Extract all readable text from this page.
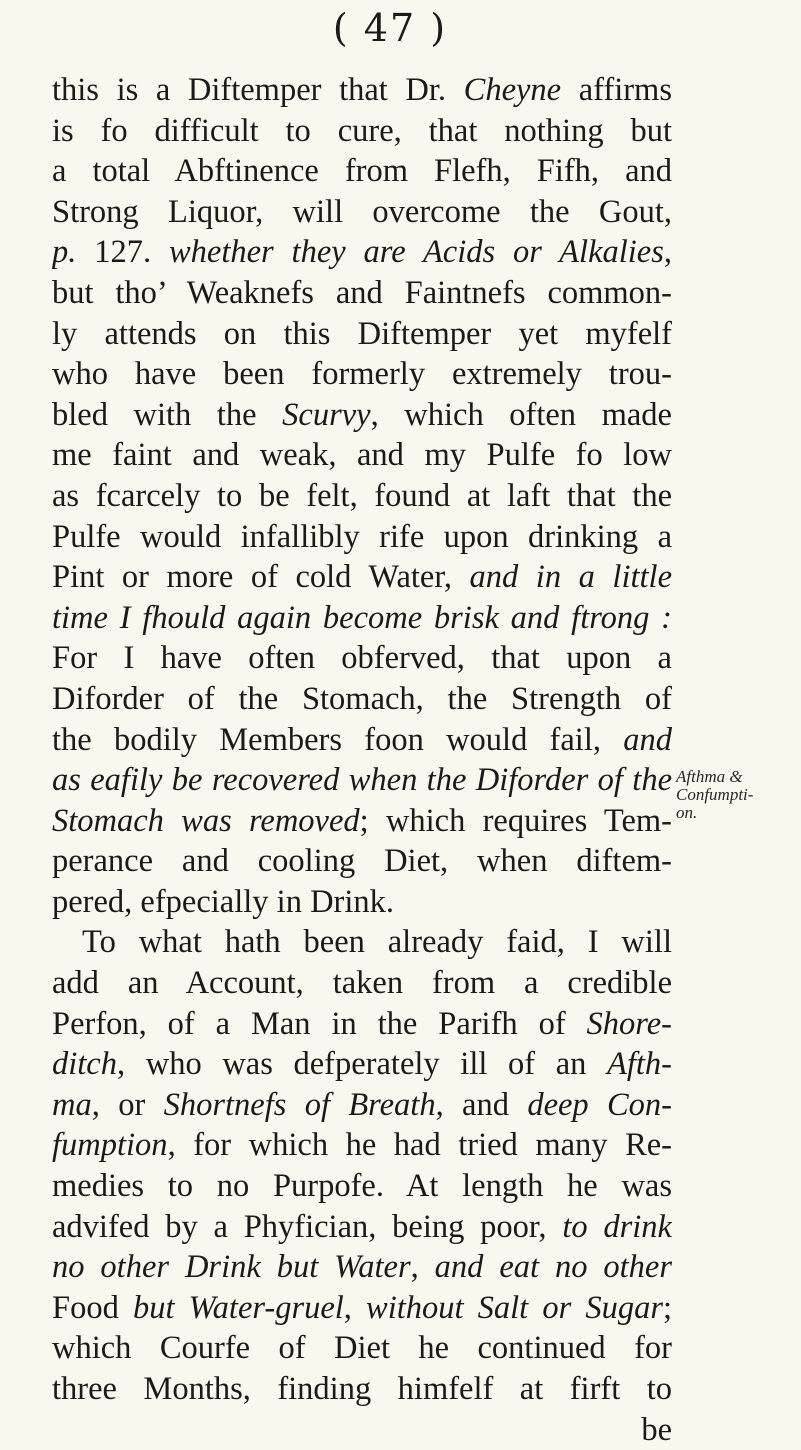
( 47 )
this is a Diftemper that Dr. Cheyne affirms
is fo difficult to cure, that nothing but
a total Abftinence from Flefh, Fifh, and
Strong Liquor, will overcome the Gout,
p. 127. whether they are Acids or Alkalies,
but tho’ Weaknefs and Faintnefs common-
ly attends on this Diftemper yet myfelf
who have been formerly extremely trou-
bled with the Scurvy, which often made
me faint and weak, and my Pulfe fo low
as fcarcely to be felt, found at laft that the
Pulfe would infallibly rife upon drinking a
Pint or more of cold Water, and in a little
time I fhould again become brisk and ftrong :
For I have often obferved, that upon a
Diforder of the Stomach, the Strength of
the bodily Members foon would fail, and
as eafily be recovered when the Diforder of the
Stomach was removed; which requires Tem-
perance and cooling Diet, when diftem-
pered, efpecially in Drink.
To what hath been already faid, I will
add an Account, taken from a credible
Perfon, of a Man in the Parifh of Shore-
ditch, who was defperately ill of an Afth-
ma, or Shortnefs of Breath, and deep Con-
fumption, for which he had tried many Re-
medies to no Purpofe. At length he was
advifed by a Phyfician, being poor, to drink
no other Drink but Water, and eat no other
Food but Water-gruel, without Salt or Sugar;
which Courfe of Diet he continued for
three Months, finding himfelf at firft to
be
Afthma &
Confumpti-
on.
